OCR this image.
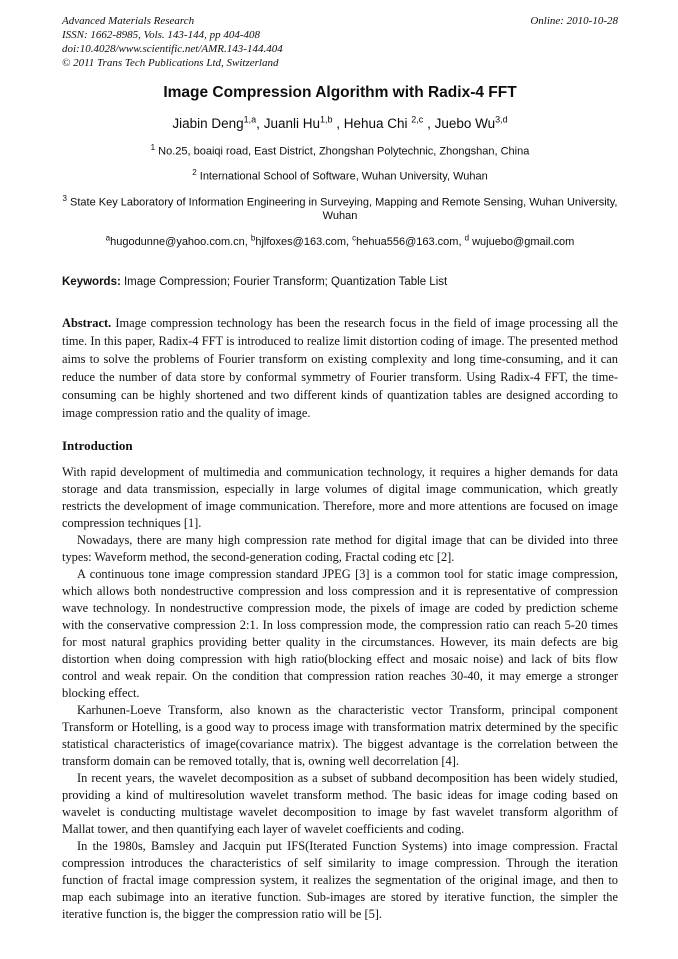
Advanced Materials Research
ISSN: 1662-8985, Vols. 143-144, pp 404-408
doi:10.4028/www.scientific.net/AMR.143-144.404
© 2011 Trans Tech Publications Ltd, Switzerland
Online: 2010-10-28
Image Compression Algorithm with Radix-4 FFT
Jiabin Deng$^{1,a}$, Juanli Hu$^{1,b}$ , Hehua Chi $^{2,c}$ , Juebo Wu$^{3,d}$
$^1$ No.25, boaiqi road, East District, Zhongshan Polytechnic, Zhongshan, China
$^2$ International School of Software, Wuhan University, Wuhan
$^3$ State Key Laboratory of Information Engineering in Surveying, Mapping and Remote Sensing, Wuhan University, Wuhan
$^a$hugodunne@yahoo.com.cn, $^b$hjlfoxes@163.com, $^c$hehua556@163.com, $^d$ wujuebo@gmail.com

Keywords: Image Compression; Fourier Transform; Quantization Table List

Abstract. Image compression technology has been the research focus in the field of image processing all the time. In this paper, Radix-4 FFT is introduced to realize limit distortion coding of image. The presented method aims to solve the problems of Fourier transform on existing complexity and long time-consuming, and it can reduce the number of data store by conformal symmetry of Fourier transform. Using Radix-4 FFT, the time-consuming can be highly shortened and two different kinds of quantization tables are designed according to image compression ratio and the quality of image.

Introduction

With rapid development of multimedia and communication technology, it requires a higher demands for data storage and data transmission, especially in large volumes of digital image communication, which greatly restricts the development of image communication. Therefore, more and more attentions are focused on image compression techniques [1].

Nowadays, there are many high compression rate method for digital image that can be divided into three types: Waveform method, the second-generation coding, Fractal coding etc [2].

A continuous tone image compression standard JPEG [3] is a common tool for static image compression, which allows both nondestructive compression and loss compression and it is representative of compression wave technology. In nondestructive compression mode, the pixels of image are coded by prediction scheme with the conservative compression 2:1. In loss compression mode, the compression ratio can reach 5-20 times for most natural graphics providing better quality in the circumstances. However, its main defects are big distortion when doing compression with high ratio(blocking effect and mosaic noise) and lack of bits flow control and weak repair. On the condition that compression ration reaches 30-40, it may emerge a stronger blocking effect.

Karhunen-Loeve Transform, also known as the characteristic vector Transform, principal component Transform or Hotelling, is a good way to process image with transformation matrix determined by the specific statistical characteristics of image(covariance matrix). The biggest advantage is the correlation between the transform domain can be removed totally, that is, owning well decorrelation [4].

In recent years, the wavelet decomposition as a subset of subband decomposition has been widely studied, providing a kind of multiresolution wavelet transform method. The basic ideas for image coding based on wavelet is conducting multistage wavelet decomposition to image by fast wavelet transform algorithm of Mallat tower, and then quantifying each layer of wavelet coefficients and coding.

In the 1980s, Bamsley and Jacquin put IFS(Iterated Function Systems) into image compression. Fractal compression introduces the characteristics of self similarity to image compression. Through the iteration function of fractal image compression system, it realizes the segmentation of the original image, and then to map each subimage into an iterative function. Sub-images are stored by iterative function, the simpler the iterative function is, the bigger the compression ratio will be [5].
